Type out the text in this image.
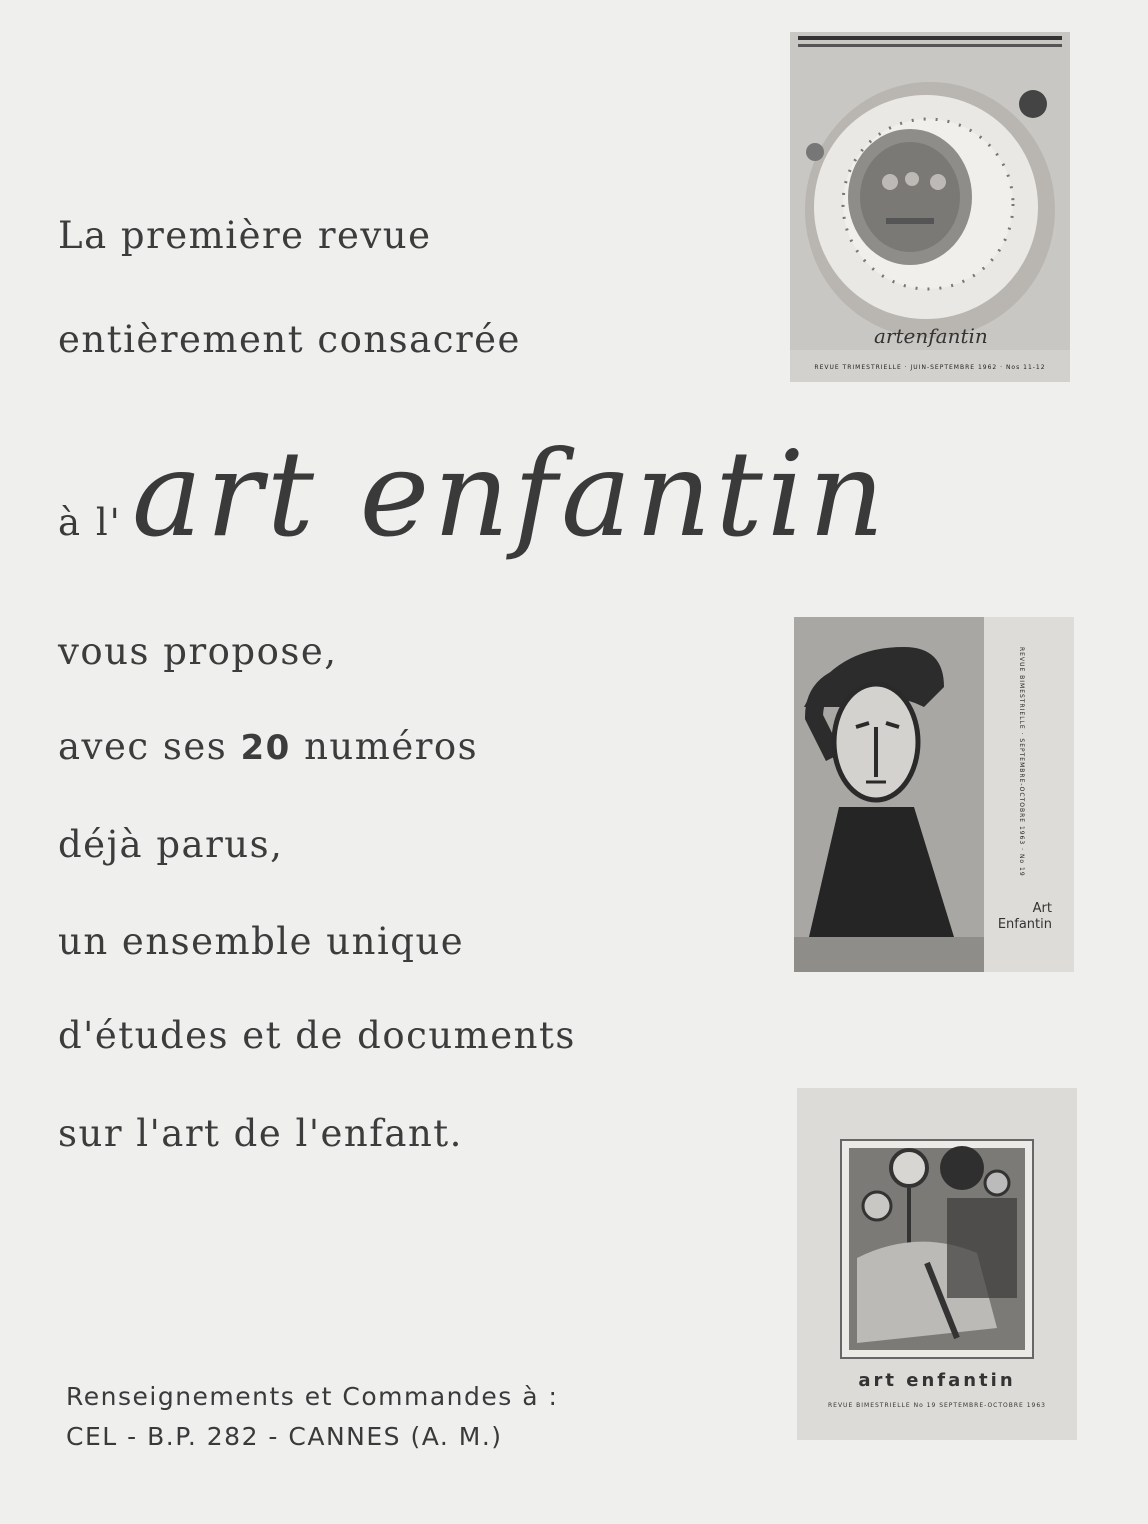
La première revue

entièrement consacrée

à l'art enfantin

vous propose,

avec ses 20 numéros

déjà parus,

un ensemble unique

d'études et de documents

sur l'art de l'enfant.

Renseignements et Commandes à :

CEL - B.P. 282 - CANNES (A. M.)

artenfantin
REVUE TRIMESTRIELLE · JUIN-SEPTEMBRE 1962 · Nos 11-12
REVUE BIMESTRIELLE · SEPTEMBRE-OCTOBRE 1963 · No 19
Art
Enfantin
art enfantin
REVUE BIMESTRIELLE No 19 SEPTEMBRE-OCTOBRE 1963
